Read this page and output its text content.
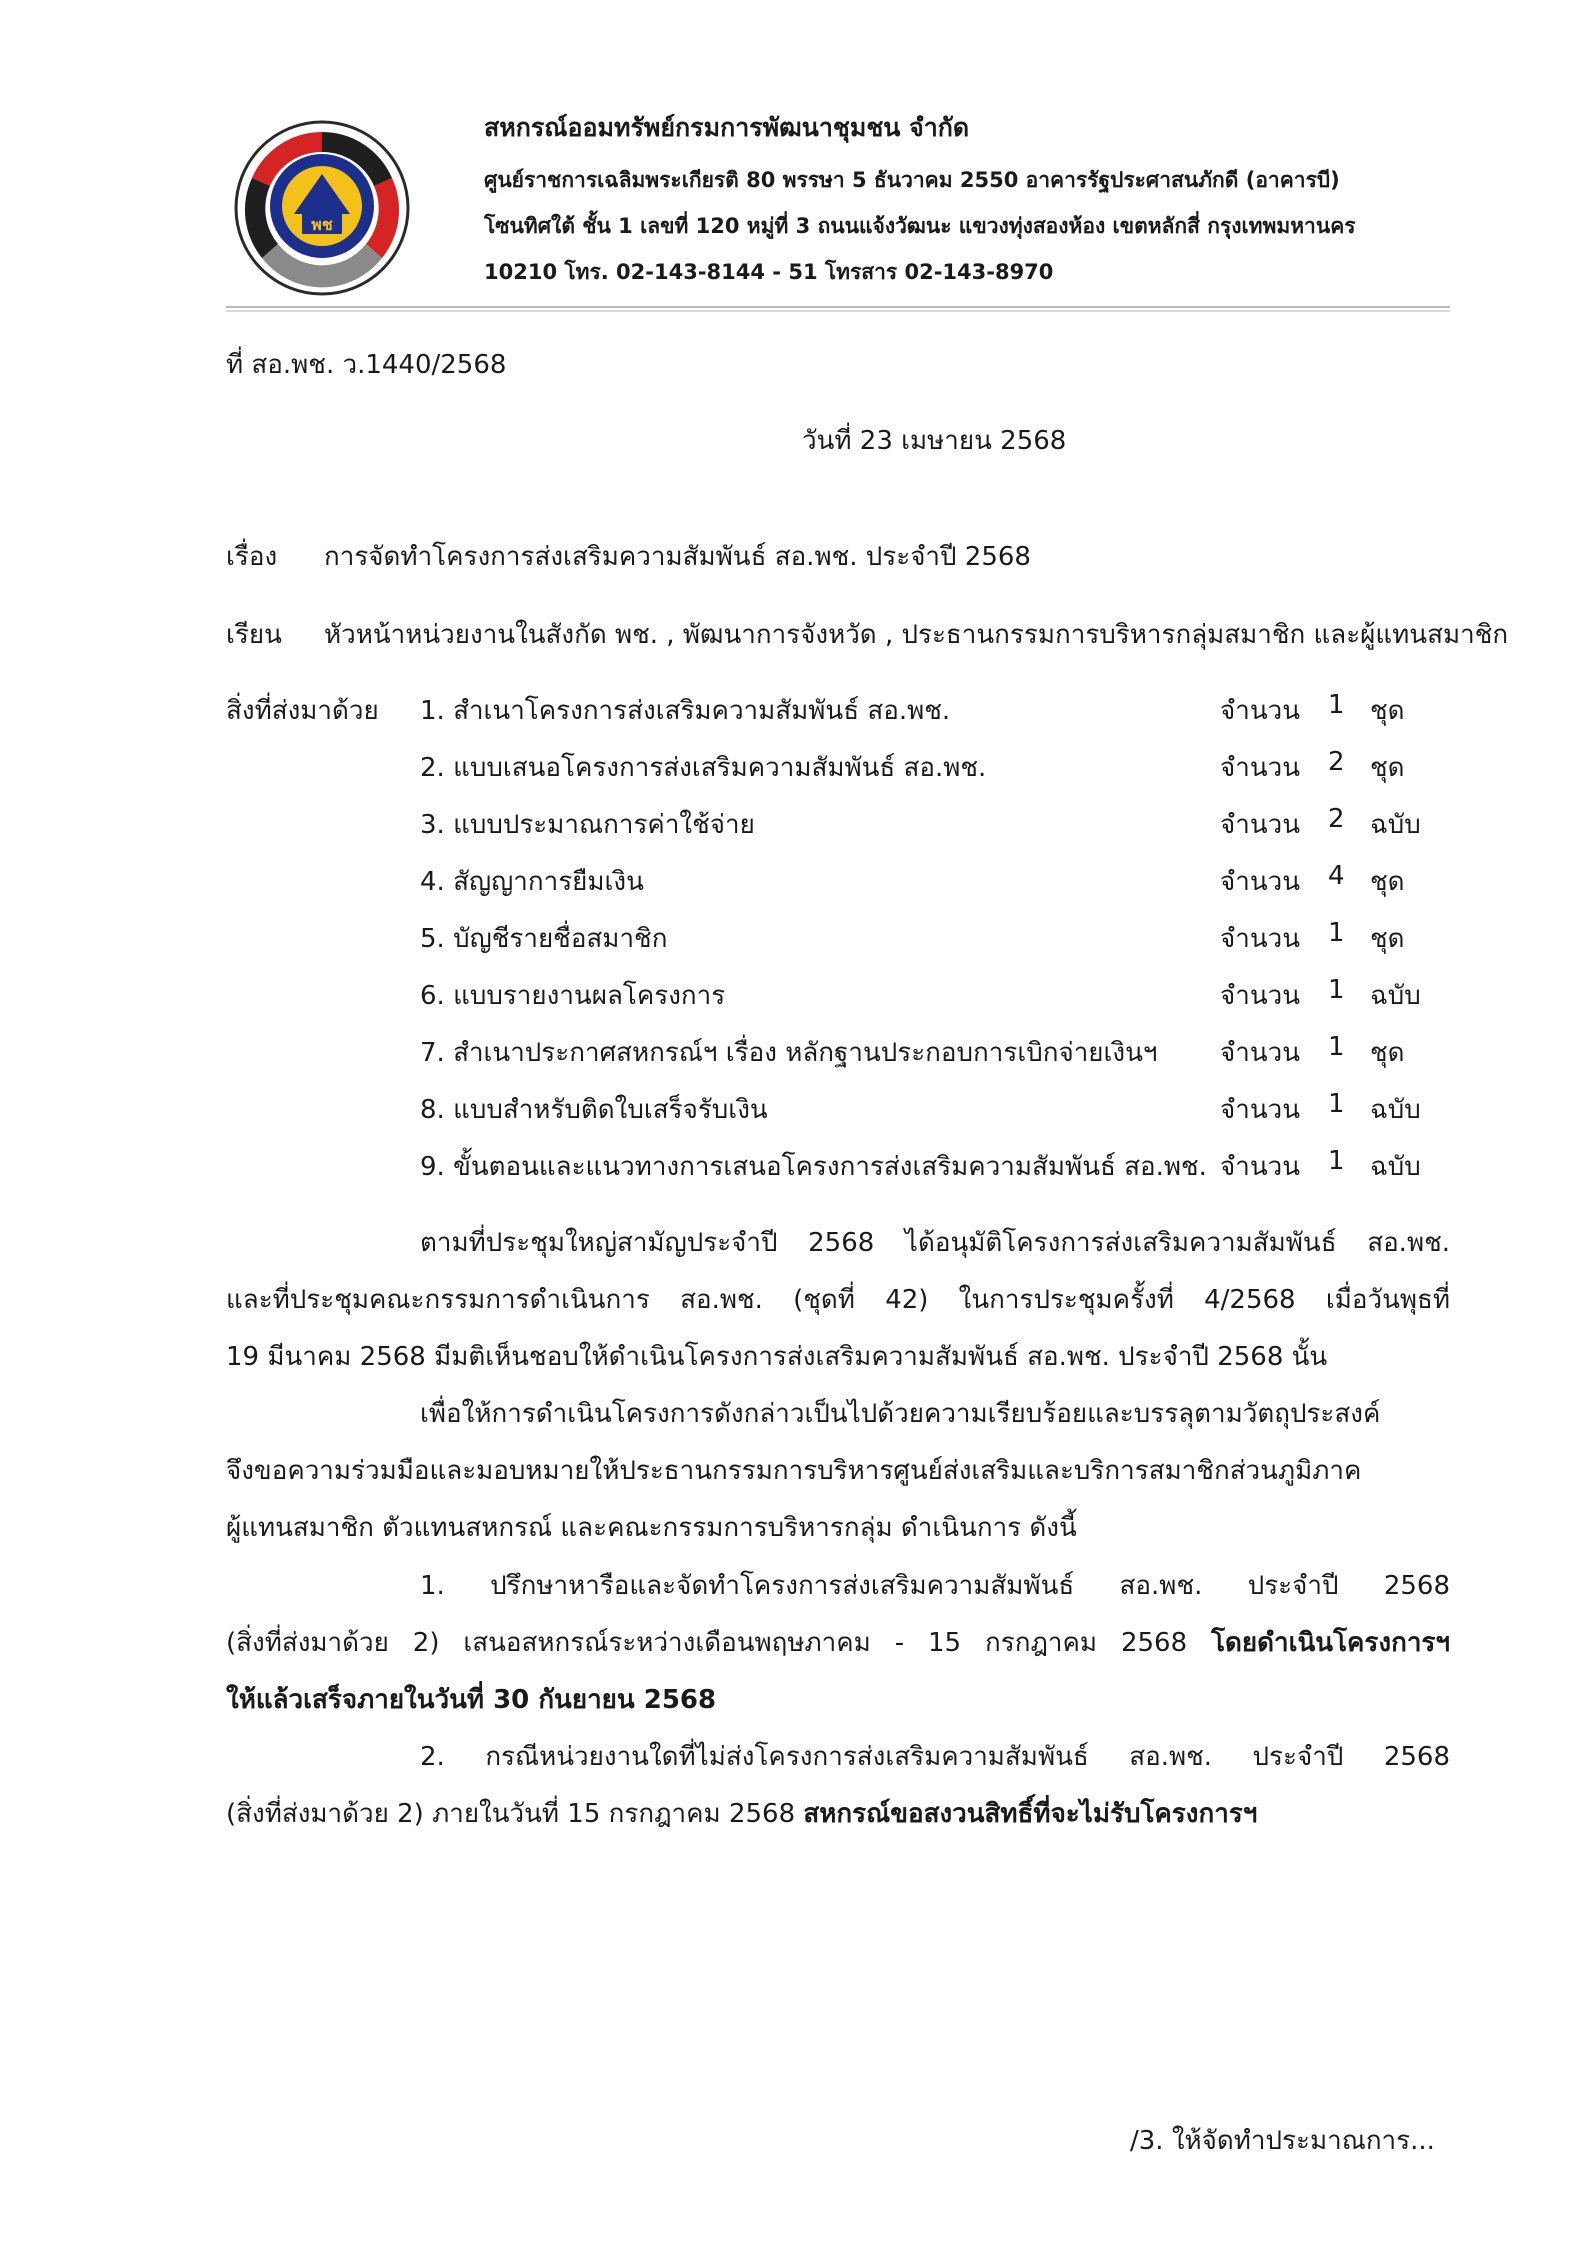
พช
สหกรณ์ออมทรัพย์กรมการพัฒนาชุมชน จำกัด
ศูนย์ราชการเฉลิมพระเกียรติ 80 พรรษา 5 ธันวาคม 2550 อาคารรัฐประศาสนภักดี (อาคารบี)
โซนทิศใต้ ชั้น 1 เลขที่ 120 หมู่ที่ 3 ถนนแจ้งวัฒนะ แขวงทุ่งสองห้อง เขตหลักสี่ กรุงเทพมหานคร
10210 โทร. 02-143-8144 - 51 โทรสาร 02-143-8970
ที่ สอ.พช. ว.1440/2568
วันที่ 23 เมษายน 2568
เรื่อง การจัดทำโครงการส่งเสริมความสัมพันธ์ สอ.พช. ประจำปี 2568
เรียน หัวหน้าหน่วยงานในสังกัด พช. , พัฒนาการจังหวัด , ประธานกรรมการบริหารกลุ่มสมาชิก และผู้แทนสมาชิก
สิ่งที่ส่งมาด้วย 1. สำเนาโครงการส่งเสริมความสัมพันธ์ สอ.พช.	จำนวน 1 ชุด
2. แบบเสนอโครงการส่งเสริมความสัมพันธ์ สอ.พช.	จำนวน 2 ชุด
3. แบบประมาณการค่าใช้จ่าย	จำนวน 2 ฉบับ
4. สัญญาการยืมเงิน	จำนวน 4 ชุด
5. บัญชีรายชื่อสมาชิก	จำนวน 1 ชุด
6. แบบรายงานผลโครงการ	จำนวน 1 ฉบับ
7. สำเนาประกาศสหกรณ์ฯ เรื่อง หลักฐานประกอบการเบิกจ่ายเงินฯ จำนวน 1 ชุด
8. แบบสำหรับติดใบเสร็จรับเงิน	จำนวน 1 ฉบับ
9. ขั้นตอนและแนวทางการเสนอโครงการส่งเสริมความสัมพันธ์ สอ.พช. จำนวน 1 ฉบับ
ตามที่ประชุมใหญ่สามัญประจำปี 2568 ได้อนุมัติโครงการส่งเสริมความสัมพันธ์ สอ.พช.
และที่ประชุมคณะกรรมการดำเนินการ สอ.พช. (ชุดที่ 42) ในการประชุมครั้งที่ 4/2568 เมื่อวันพุธที่
19 มีนาคม 2568 มีมติเห็นชอบให้ดำเนินโครงการส่งเสริมความสัมพันธ์ สอ.พช. ประจำปี 2568 นั้น
เพื่อให้การดำเนินโครงการดังกล่าวเป็นไปด้วยความเรียบร้อยและบรรลุตามวัตถุประสงค์
จึงขอความร่วมมือและมอบหมายให้ประธานกรรมการบริหารศูนย์ส่งเสริมและบริการสมาชิกส่วนภูมิภาค
ผู้แทนสมาชิก ตัวแทนสหกรณ์ และคณะกรรมการบริหารกลุ่ม ดำเนินการ ดังนี้
1. ปรึกษาหารือและจัดทำโครงการส่งเสริมความสัมพันธ์ สอ.พช. ประจำปี 2568
(สิ่งที่ส่งมาด้วย 2) เสนอสหกรณ์ระหว่างเดือนพฤษภาคม - 15 กรกฎาคม 2568 โดยดำเนินโครงการฯ
ให้แล้วเสร็จภายในวันที่ 30 กันยายน 2568
2. กรณีหน่วยงานใดที่ไม่ส่งโครงการส่งเสริมความสัมพันธ์ สอ.พช. ประจำปี 2568
(สิ่งที่ส่งมาด้วย 2) ภายในวันที่ 15 กรกฎาคม 2568 สหกรณ์ขอสงวนสิทธิ์ที่จะไม่รับโครงการฯ
/3. ให้จัดทำประมาณการ...
